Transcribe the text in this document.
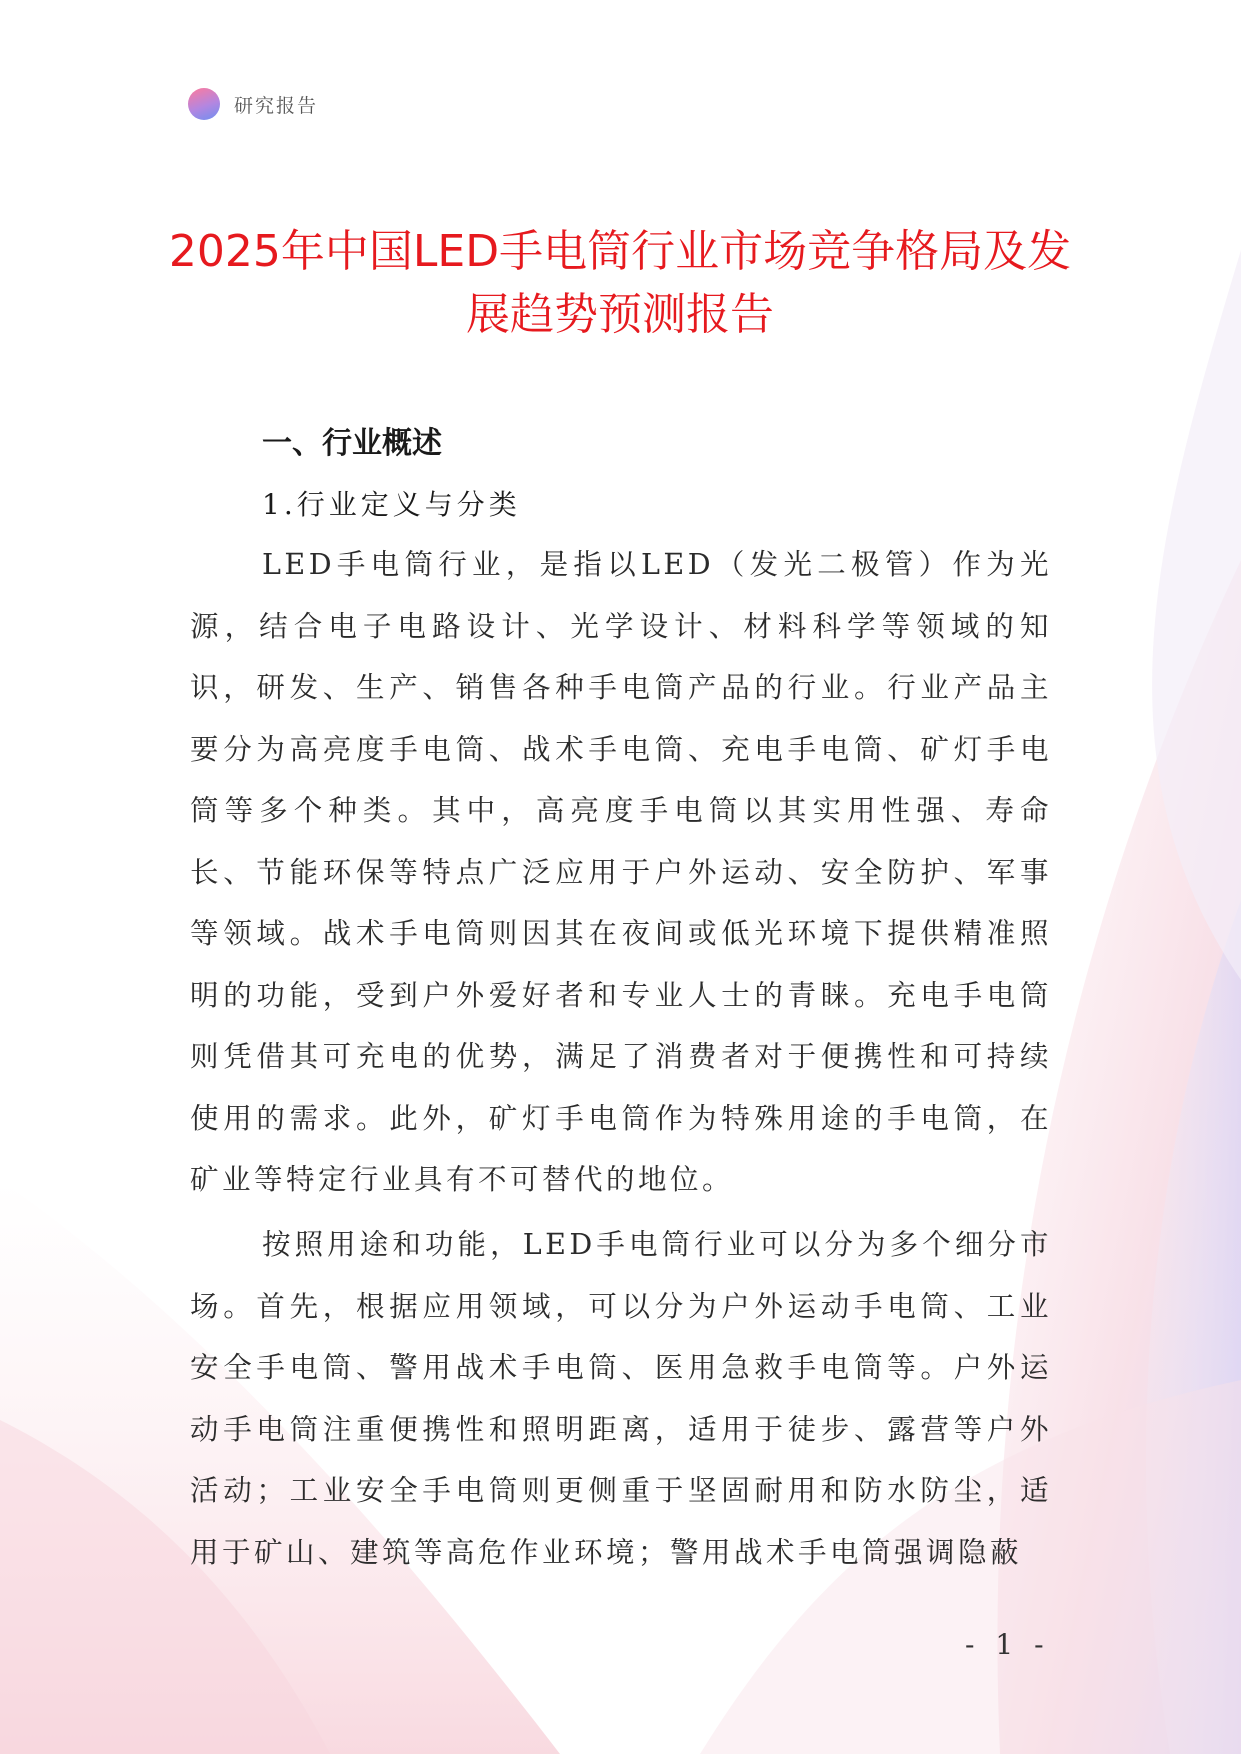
研究报告
2025年中国LED手电筒行业市场竞争格局及发展趋势预测报告
一、行业概述
1.行业定义与分类

LED手电筒行业，是指以LED（发光二极管）作为光源，结合电子电路设计、光学设计、材料科学等领域的知识，研发、生产、销售各种手电筒产品的行业。行业产品主要分为高亮度手电筒、战术手电筒、充电手电筒、矿灯手电筒等多个种类。其中，高亮度手电筒以其实用性强、寿命长、节能环保等特点广泛应用于户外运动、安全防护、军事等领域。战术手电筒则因其在夜间或低光环境下提供精准照明的功能，受到户外爱好者和专业人士的青睐。充电手电筒则凭借其可充电的优势，满足了消费者对于便携性和可持续使用的需求。此外，矿灯手电筒作为特殊用途的手电筒，在矿业等特定行业具有不可替代的地位。

按照用途和功能，LED手电筒行业可以分为多个细分市场。首先，根据应用领域，可以分为户外运动手电筒、工业安全手电筒、警用战术手电筒、医用急救手电筒等。户外运动手电筒注重便携性和照明距离，适用于徒步、露营等户外活动；工业安全手电筒则更侧重于坚固耐用和防水防尘，适用于矿山、建筑等高危作业环境；警用战术手电筒强调隐蔽

- 1 -
